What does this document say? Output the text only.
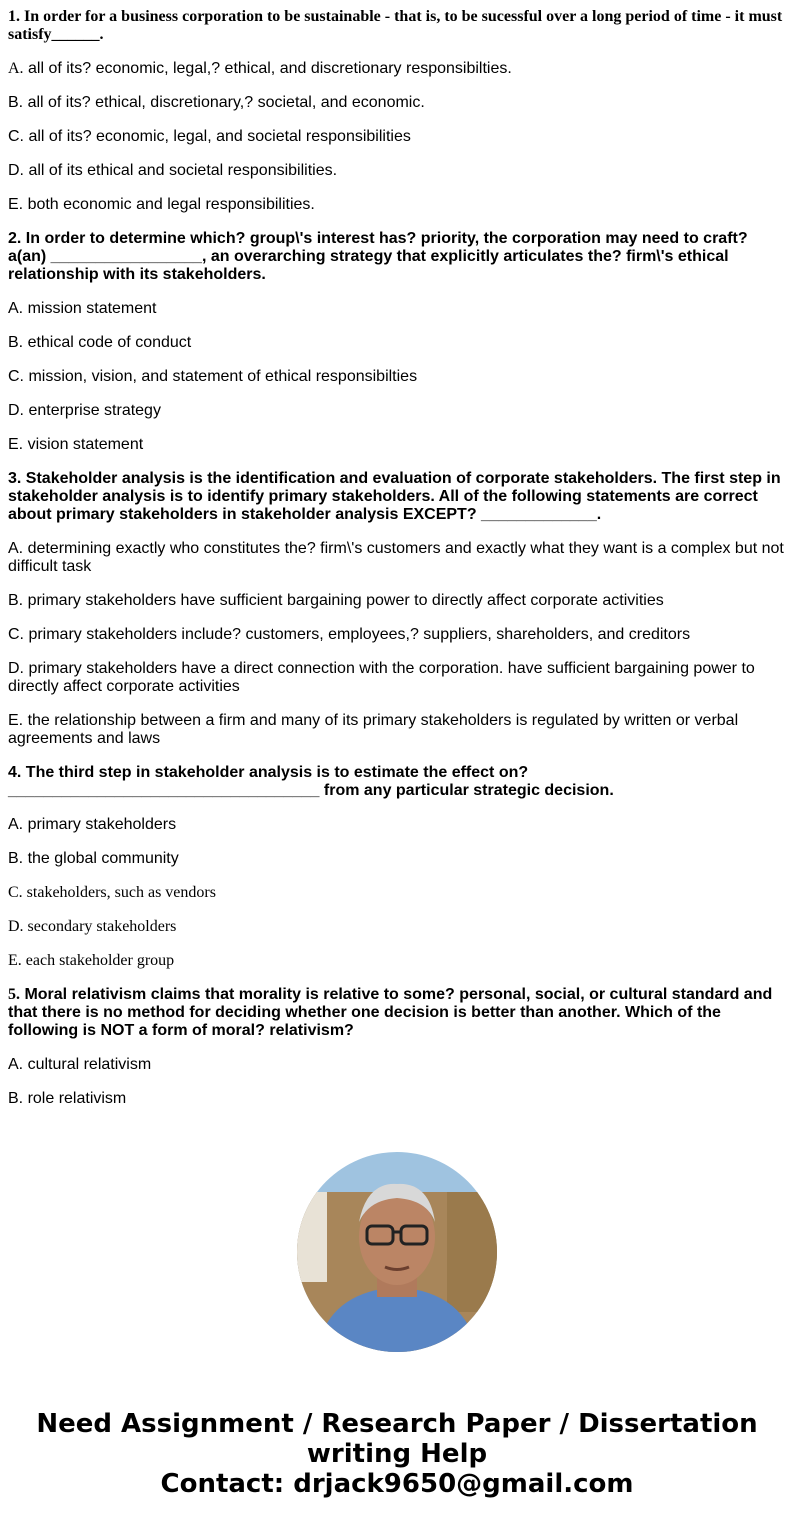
1. In order for a business corporation to be sustainable - that is, to be sucessful over a long period of time - it must satisfy______.

A. all of its? economic, legal,? ethical, and discretionary responsibilties.

B. all of its? ethical, discretionary,? societal, and economic.

C. all of its? economic, legal, and societal responsibilities

D. all of its ethical and societal responsibilities.

E. both economic and legal responsibilities.

2. In order to determine which? group\'s interest has? priority, the corporation may need to craft? a(an) _________________, an overarching strategy that explicitly articulates the? firm\'s ethical relationship with its stakeholders.

A. mission statement

B. ethical code of conduct

C. mission, vision, and statement of ethical responsibilties

D. enterprise strategy

E. vision statement

3. Stakeholder analysis is the identification and evaluation of corporate stakeholders. The first step in stakeholder analysis is to identify primary stakeholders. All of the following statements are correct about primary stakeholders in stakeholder analysis EXCEPT? _____________.

A. determining exactly who constitutes the? firm\'s customers and exactly what they want is a complex but not difficult task

B. primary stakeholders have sufficient bargaining power to directly affect corporate activities

C. primary stakeholders include? customers, employees,? suppliers, shareholders, and creditors

D. primary stakeholders have a direct connection with the corporation. have sufficient bargaining power to directly affect corporate activities

E. the relationship between a firm and many of its primary stakeholders is regulated by written or verbal agreements and laws

4. The third step in stakeholder analysis is to estimate the effect on? ___________________________________ from any particular strategic decision.

A. primary stakeholders

B. the global community

C. stakeholders, such as vendors

D. secondary stakeholders

E. each stakeholder group

5. Moral relativism claims that morality is relative to some? personal, social, or cultural standard and that there is no method for deciding whether one decision is better than another. Which of the following is NOT a form of moral? relativism?

A. cultural relativism

B. role relativism

Need Assignment / Research Paper / Dissertation writing Help
Contact: drjack9650@gmail.com
